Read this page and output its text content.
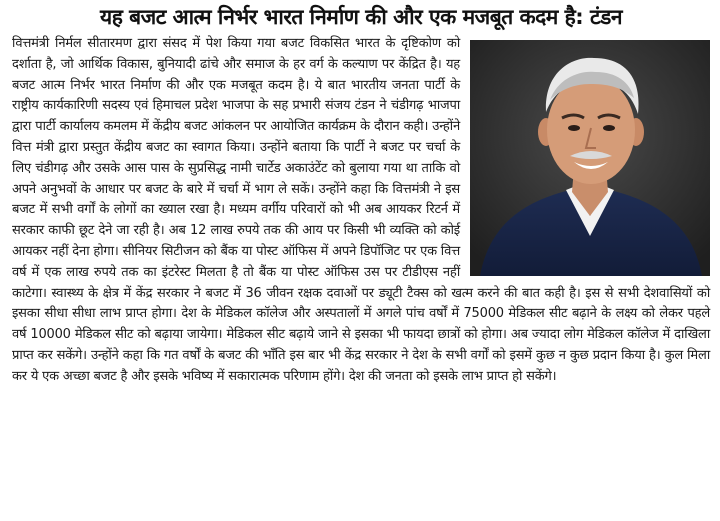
यह बजट आत्म निर्भर भारत निर्माण की और एक मजबूत कदम है: टंडन

वित्तमंत्री निर्मल सीतारमण द्वारा संसद में पेश किया गया बजट विकसित भारत के दृष्टिकोण को दर्शाता है, जो आर्थिक विकास, बुनियादी ढांचे और समाज के हर वर्ग के कल्याण पर केंद्रित है। यह बजट आत्म निर्भर भारत निर्माण की और एक मजबूत कदम है। ये बात भारतीय जनता पार्टी के राष्ट्रीय कार्यकारिणी सदस्य एवं हिमाचल प्रदेश भाजपा के सह प्रभारी संजय टंडन ने चंडीगढ़ भाजपा द्वारा पार्टी कार्यालय कमलम में केंद्रीय बजट आंकलन पर आयोजित कार्यक्रम के दौरान कही। उन्होंने वित्त मंत्री द्वारा प्रस्तुत केंद्रीय बजट का स्वागत किया। उन्होंने बताया कि पार्टी ने बजट पर चर्चा के लिए चंडीगढ़ और उसके आस पास के सुप्रसिद्ध नामी चार्टेड अकाउंटेंट को बुलाया गया था ताकि वो अपने अनुभवों के आधार पर बजट के बारे में चर्चा में भाग ले सकें। उन्होंने कहा कि वित्तमंत्री ने इस बजट में सभी वर्गों के लोगों का ख्याल रखा है। मध्यम वर्गीय परिवारों को भी अब आयकर रिटर्न में सरकार काफी छूट देने जा रही है। अब 12 लाख रुपये तक की आय पर किसी भी व्यक्ति को कोई आयकर नहीं देना होगा। सीनियर सिटीजन को बैंक या पोस्ट ऑफिस में अपने डिपॉजिट पर एक वित्त वर्ष में एक लाख रुपये तक का इंटरेस्ट मिलता है तो बैंक या पोस्ट ऑफिस उस पर टीडीएस नहीं काटेगा। स्वास्थ्य के क्षेत्र में केंद्र सरकार ने बजट में 36 जीवन रक्षक दवाओं पर ड्यूटी टैक्स को खत्म करने की बात कही है। इस से सभी देशवासियों को इसका सीधा सीधा लाभ प्राप्त होगा। देश के मेडिकल कॉलेज और अस्पतालों में अगले पांच वर्षों में 75000 मेडिकल सीट बढ़ाने के लक्ष्य को लेकर पहले वर्ष 10000 मेडिकल सीट को बढ़ाया जायेगा। मेडिकल सीट बढ़ाये जाने से इसका भी फायदा छात्रों को होगा। अब ज्यादा लोग मेडिकल कॉलेज में दाखिला प्राप्त कर सकेंगे। उन्होंने कहा कि गत वर्षों के बजट की भाँति इस बार भी केंद्र सरकार ने देश के सभी वर्गों को इसमें कुछ न कुछ प्रदान किया है। कुल मिला कर ये एक अच्छा बजट है और इसके भविष्य में सकारात्मक परिणाम होंगे। देश की जनता को इसके लाभ प्राप्त हो सकेंगे।
